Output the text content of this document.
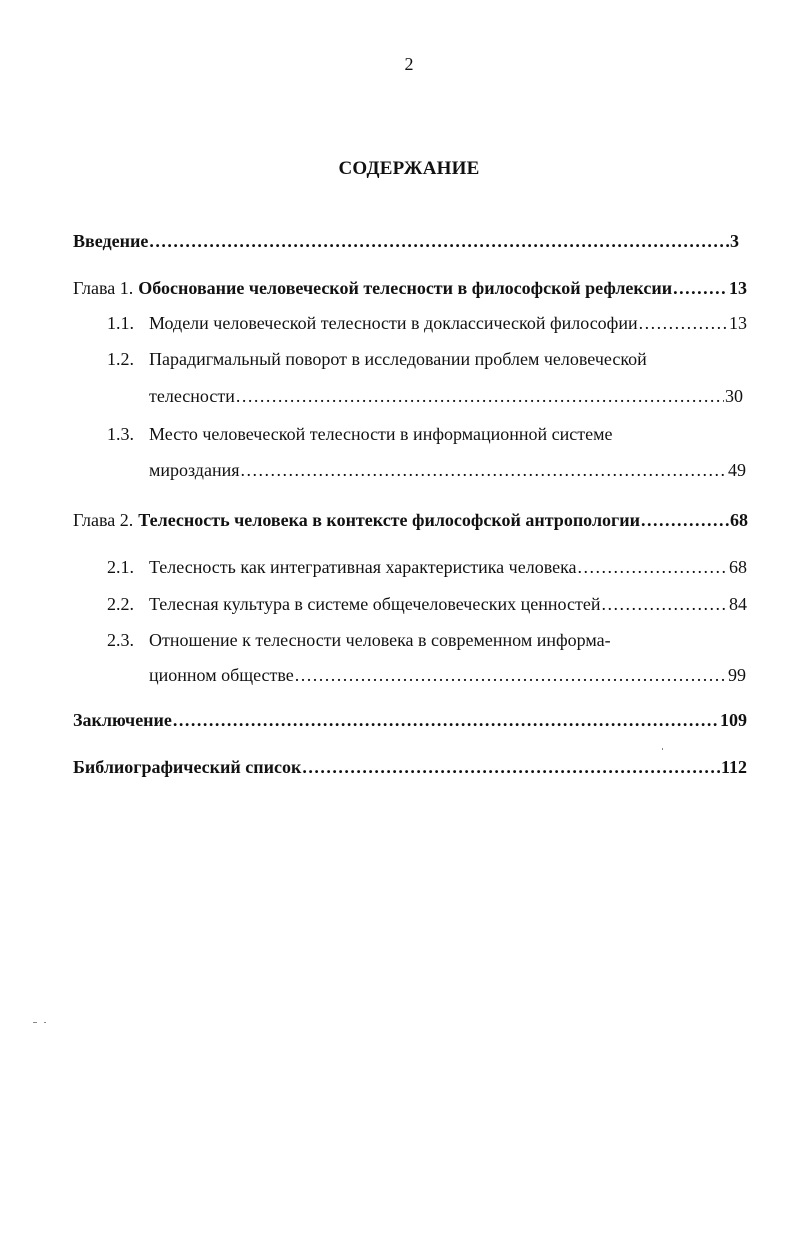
2
СОДЕРЖАНИЕ
Введение .....	3
Глава 1. Обоснование человеческой телесности в философской рефлексии .....	13
1.1. Модели человеческой телесности в доклассической философии .....	13
1.2. Парадигмальный поворот в исследовании проблем человеческой
телесности .....	30
1.3. Место человеческой телесности в информационной системе
мироздания .....	49
Глава 2. Телесность человека в контексте философской антропологии .....	68
2.1. Телесность как интегративная характеристика человека .....	68
2.2. Телесная культура в системе общечеловеческих ценностей .....	84
2.3. Отношение к телесности человека в современном информа-
ционном обществе .....	99
Заключение .....	109
Библиографический список .....	112
